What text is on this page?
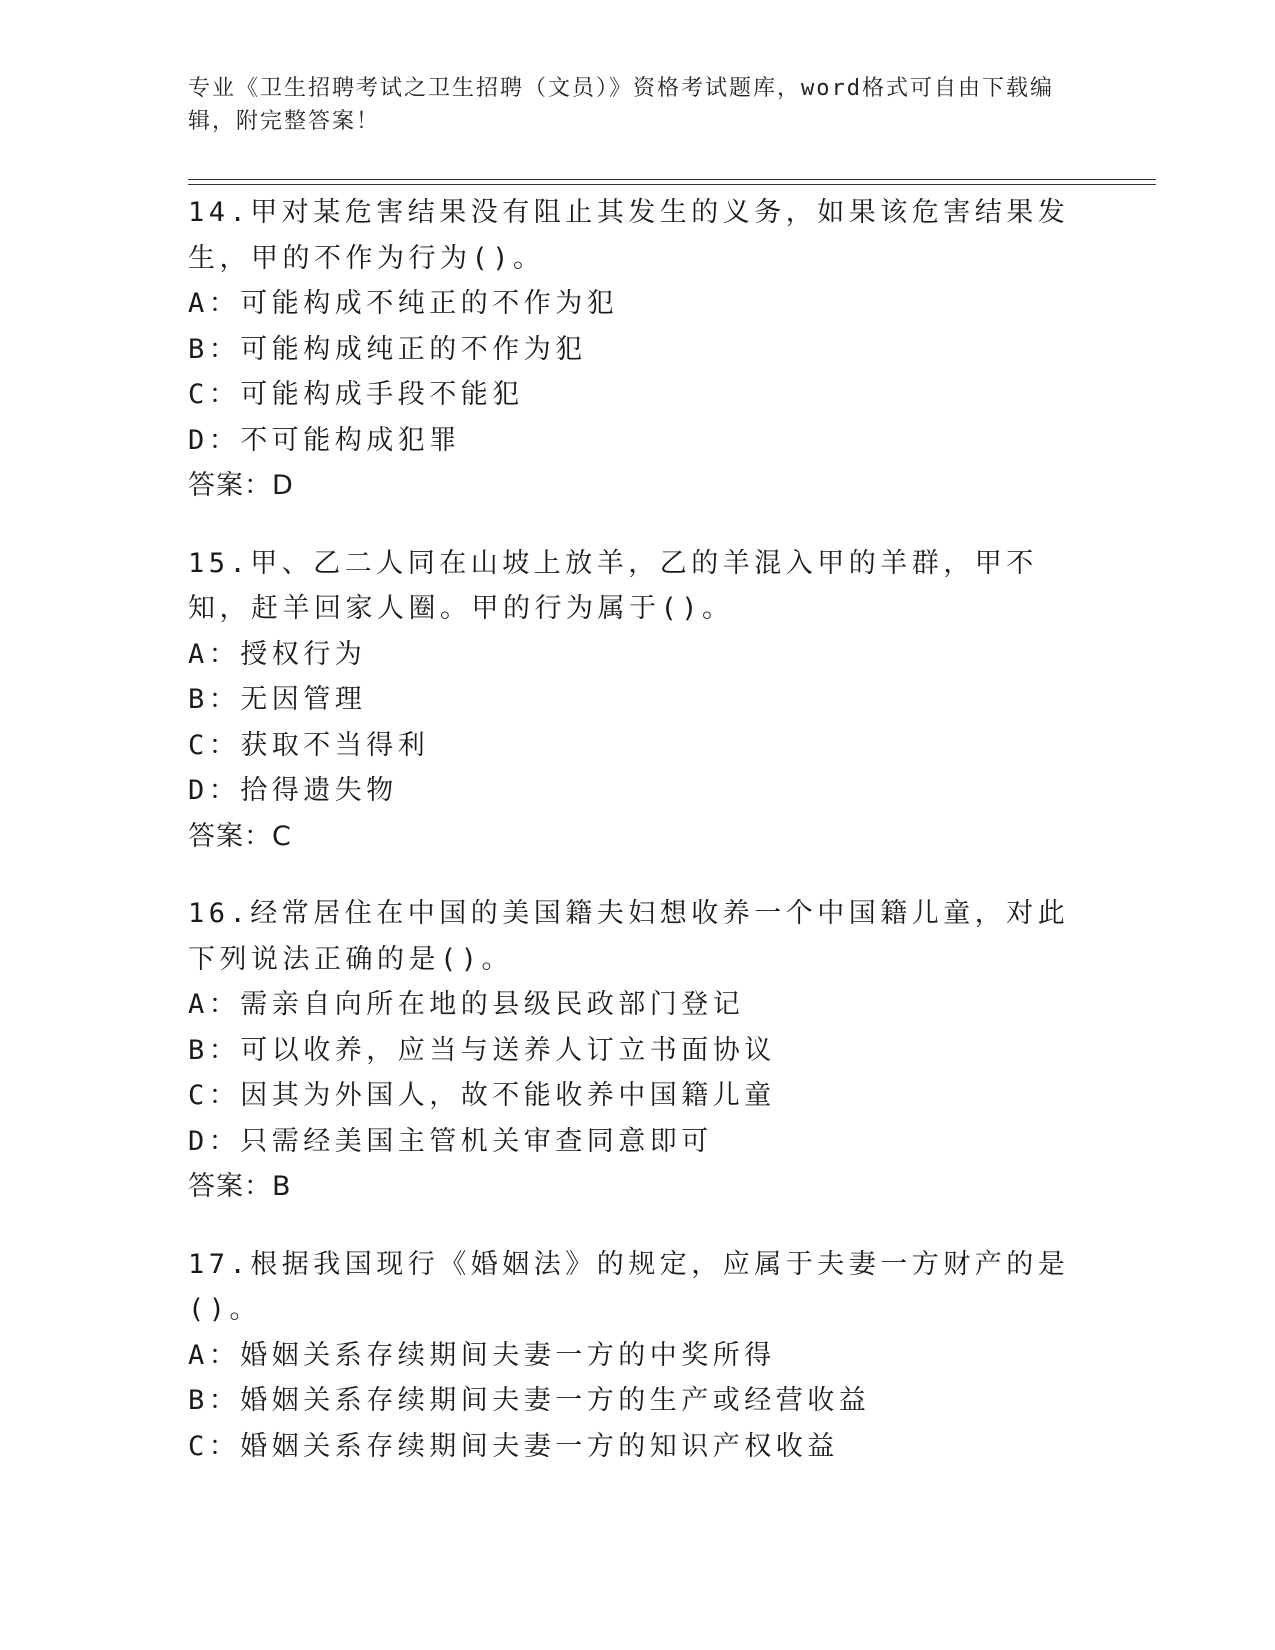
专业《卫生招聘考试之卫生招聘（文员）》资格考试题库，word格式可自由下载编辑，附完整答案！

14.甲对某危害结果没有阻止其发生的义务，如果该危害结果发生，甲的不作为行为()。

A：可能构成不纯正的不作为犯

B：可能构成纯正的不作为犯

C：可能构成手段不能犯

D：不可能构成犯罪

答案：D

15.甲、乙二人同在山坡上放羊，乙的羊混入甲的羊群，甲不知，赶羊回家人圈。甲的行为属于()。

A：授权行为

B：无因管理

C：获取不当得利

D：拾得遗失物

答案：C

16.经常居住在中国的美国籍夫妇想收养一个中国籍儿童，对此下列说法正确的是()。

A：需亲自向所在地的县级民政部门登记

B：可以收养，应当与送养人订立书面协议

C：因其为外国人，故不能收养中国籍儿童

D：只需经美国主管机关审查同意即可

答案：B

17.根据我国现行《婚姻法》的规定，应属于夫妻一方财产的是()。

A：婚姻关系存续期间夫妻一方的中奖所得

B：婚姻关系存续期间夫妻一方的生产或经营收益

C：婚姻关系存续期间夫妻一方的知识产权收益
